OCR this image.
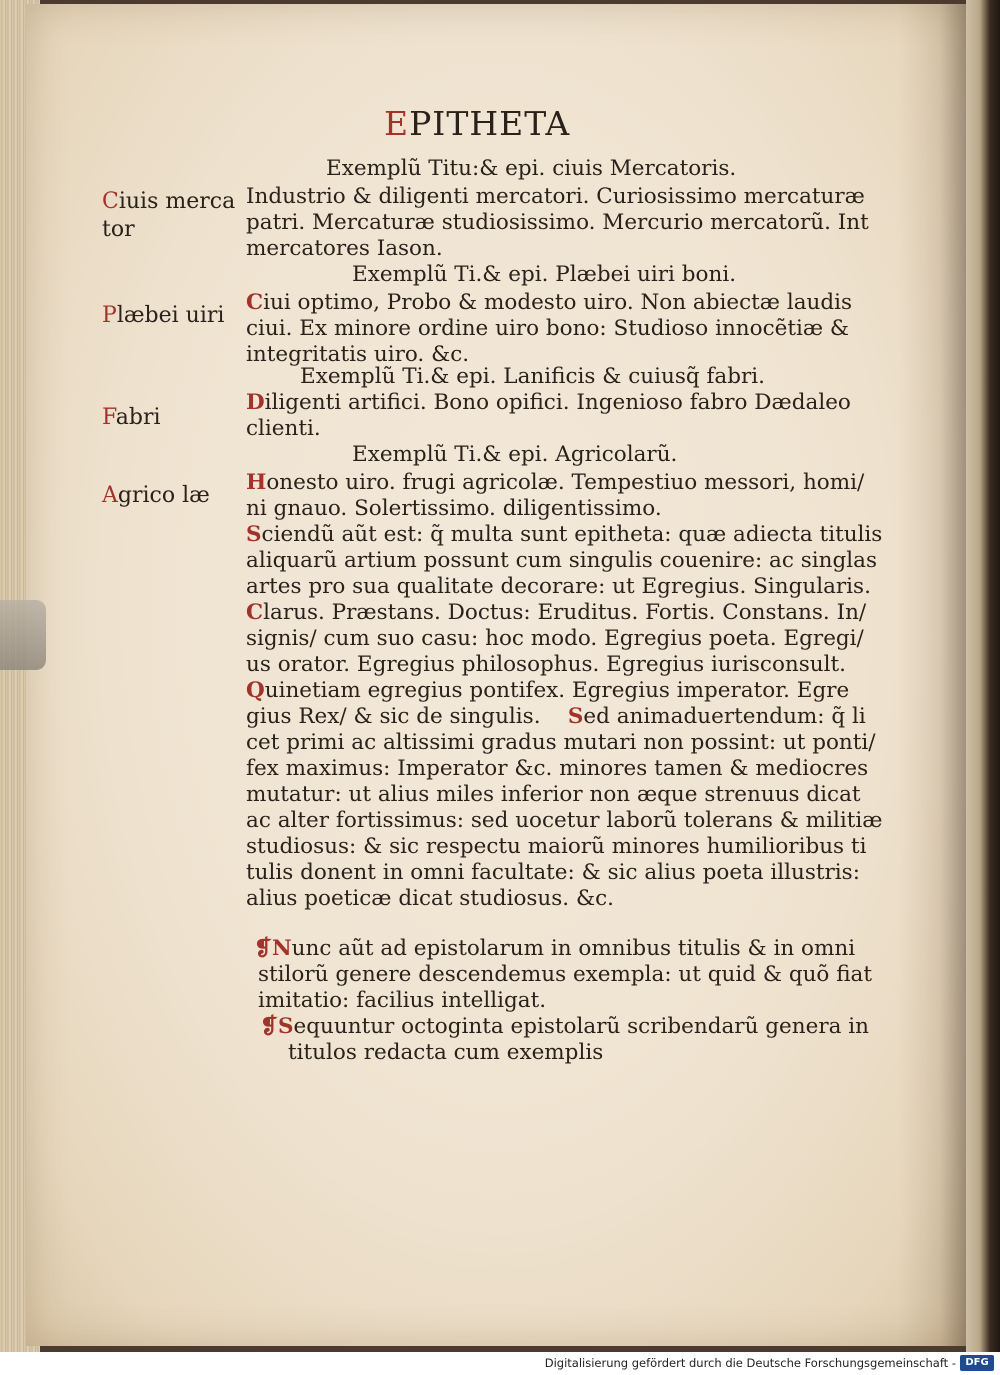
EPITHETA
Ciuis merca
tor
Plæbei uiri
Fabri
Agrico læ
Exemplũ Titu:& epi. ciuis Mercatoris.
Industrio & diligenti mercatori. Curiosissimo mercaturæ
patri. Mercaturæ studiosissimo. Mercurio mercatorũ. Int
mercatores Iason.
Exemplũ Ti.& epi. Plæbei uiri boni.
Ciui optimo, Probo & modesto uiro. Non abiectæ laudis
ciui. Ex minore ordine uiro bono: Studioso innocẽtiæ &
integritatis uiro. &c.
Exemplũ Ti.& epi. Lanificis & cuiusq̃ fabri.
Diligenti artifici. Bono opifici. Ingenioso fabro Dædaleo
clienti.
Exemplũ Ti.& epi. Agricolarũ.
Honesto uiro. frugi agricolæ. Tempestiuo messori, homi/
ni gnauo. Solertissimo. diligentissimo.
Sciendũ aũt est: q̃ multa sunt epitheta: quæ adiecta titulis
aliquarũ artium possunt cum singulis couenire: ac singlas
artes pro sua qualitate decorare: ut Egregius. Singularis.
Clarus. Præstans. Doctus: Eruditus. Fortis. Constans. In/
signis/ cum suo casu: hoc modo. Egregius poeta. Egregi/
us orator. Egregius philosophus. Egregius iurisconsult.
Quinetiam egregius pontifex. Egregius imperator. Egre
gius Rex/ & sic de singulis. Sed animaduertendum: q̃ li
cet primi ac altissimi gradus mutari non possint: ut ponti/
fex maximus: Imperator &c. minores tamen & mediocres
mutatur: ut alius miles inferior non æque strenuus dicat
ac alter fortissimus: sed uocetur laborũ tolerans & militiæ
studiosus: & sic respectu maiorũ minores humilioribus ti
tulis donent in omni facultate: & sic alius poeta illustris:
alius poeticæ dicat studiosus. &c.
❡Nunc aũt ad epistolarum in omnibus titulis & in omni
stilorũ genere descendemus exempla: ut quid & quõ fiat
imitatio: facilius intelligat.
❡Sequuntur octoginta epistolarũ scribendarũ genera in
titulos redacta cum exemplis
Digitalisierung gefördert durch die Deutsche Forschungsgemeinschaft - DFG
